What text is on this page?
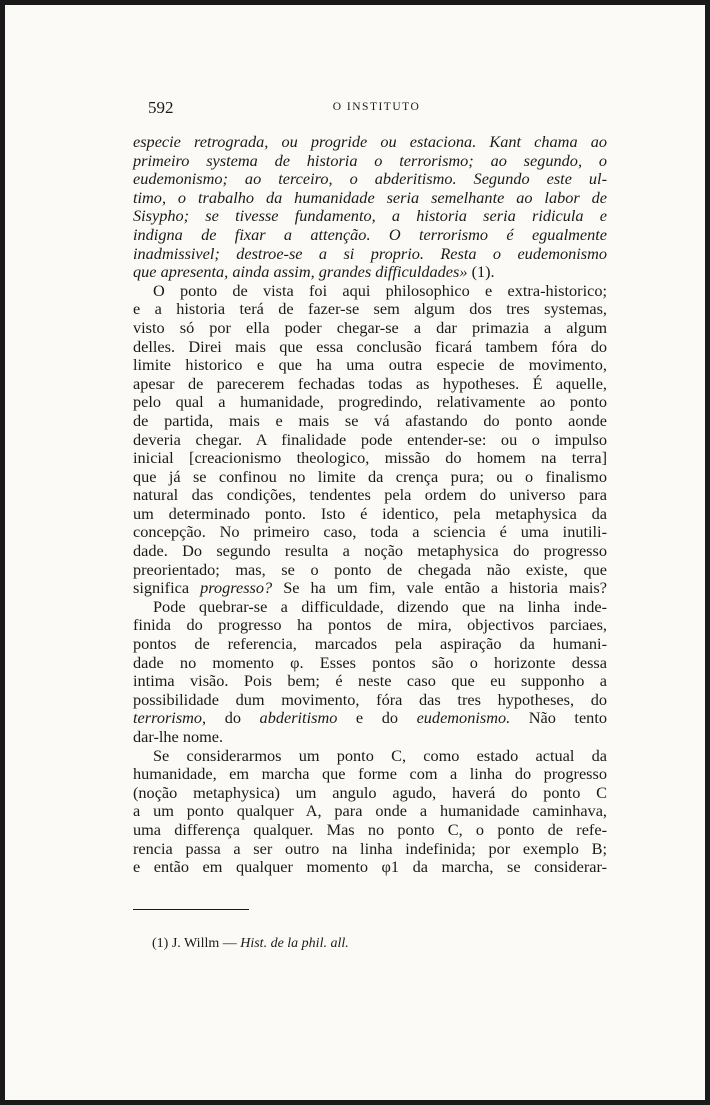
592	O INSTITUTO
especie retrograda, ou progride ou estaciona. Kant chama ao
primeiro systema de historia o terrorismo; ao segundo, o
eudemonismo; ao terceiro, o abderitismo. Segundo este ul-
timo, o trabalho da humanidade seria semelhante ao labor de
Sisypho; se tivesse fundamento, a historia seria ridicula e
indigna de fixar a attenção. O terrorismo é egualmente
inadmissivel; destroe-se a si proprio. Resta o eudemonismo
que apresenta, ainda assim, grandes difficuldades» (1).
O ponto de vista foi aqui philosophico e extra-historico;
e a historia terá de fazer-se sem algum dos tres systemas,
visto só por ella poder chegar-se a dar primazia a algum
delles. Direi mais que essa conclusão ficará tambem fóra do
limite historico e que ha uma outra especie de movimento,
apesar de parecerem fechadas todas as hypotheses. É aquelle,
pelo qual a humanidade, progredindo, relativamente ao ponto
de partida, mais e mais se vá afastando do ponto aonde
deveria chegar. A finalidade pode entender-se: ou o impulso
inicial [creacionismo theologico, missão do homem na terra]
que já se confinou no limite da crença pura; ou o finalismo
natural das condições, tendentes pela ordem do universo para
um determinado ponto. Isto é identico, pela metaphysica da
concepção. No primeiro caso, toda a sciencia é uma inutili-
dade. Do segundo resulta a noção metaphysica do progresso
preorientado; mas, se o ponto de chegada não existe, que
significa progresso? Se ha um fim, vale então a historia mais?
Pode quebrar-se a difficuldade, dizendo que na linha inde-
finida do progresso ha pontos de mira, objectivos parciaes,
pontos de referencia, marcados pela aspiração da humani-
dade no momento φ. Esses pontos são o horizonte dessa
intima visão. Pois bem; é neste caso que eu supponho a
possibilidade dum movimento, fóra das tres hypotheses, do
terrorismo, do abderitismo e do eudemonismo. Não tento
dar-lhe nome.
Se considerarmos um ponto C, como estado actual da
humanidade, em marcha que forme com a linha do progresso
(noção metaphysica) um angulo agudo, haverá do ponto C
a um ponto qualquer A, para onde a humanidade caminhava,
uma differença qualquer. Mas no ponto C, o ponto de refe-
rencia passa a ser outro na linha indefinida; por exemplo B;
e então em qualquer momento φ1 da marcha, se considerar-
(1) J. Willm — Hist. de la phil. all.
